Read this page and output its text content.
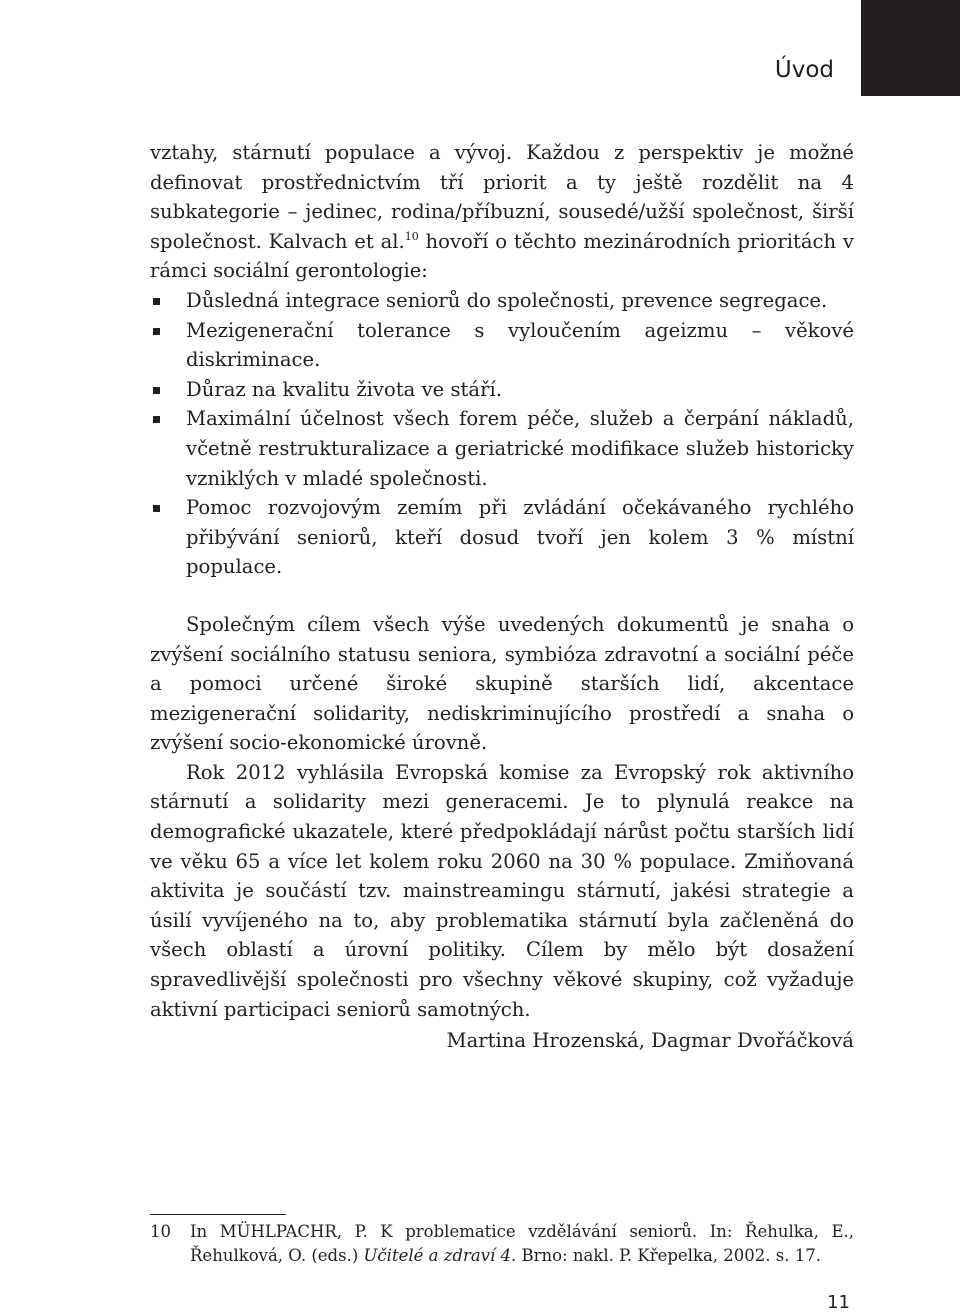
Úvod

vztahy, stárnutí populace a vývoj. Každou z perspektiv je možné definovat prostřednictvím tří priorit a ty ještě rozdělit na 4 subkategorie – jedinec, rodina/příbuzní, sousedé/užší společnost, širší společnost. Kalvach et al.$^{10}$ hovoří o těchto mezinárodních prioritách v rámci sociální gerontologie:

Důsledná integrace seniorů do společnosti, prevence segregace.
Mezigenerační tolerance s vyloučením ageizmu – věkové diskriminace.
Důraz na kvalitu života ve stáří.
Maximální účelnost všech forem péče, služeb a čerpání nákladů, včetně restrukturalizace a geriatrické modifikace služeb historicky vzniklých v mladé společnosti.
Pomoc rozvojovým zemím při zvládání očekávaného rychlého přibývání seniorů, kteří dosud tvoří jen kolem 3 % místní populace.

Společným cílem všech výše uvedených dokumentů je snaha o zvýšení sociálního statusu seniora, symbióza zdravotní a sociální péče a pomoci určené široké skupině starších lidí, akcentace mezigenerační solidarity, nediskriminujícího prostředí a snaha o zvýšení socio-ekonomické úrovně.

Rok 2012 vyhlásila Evropská komise za Evropský rok aktivního stárnutí a solidarity mezi generacemi. Je to plynulá reakce na demografické ukazatele, které předpokládají nárůst počtu starších lidí ve věku 65 a více let kolem roku 2060 na 30 % populace. Zmiňovaná aktivita je součástí tzv. mainstreamingu stárnutí, jakési strategie a úsilí vyvíjeného na to, aby problematika stárnutí byla začleněná do všech oblastí a úrovní politiky. Cílem by mělo být dosažení spravedlivější společnosti pro všechny věkové skupiny, což vyžaduje aktivní participaci seniorů samotných.

Martina Hrozenská, Dagmar Dvořáčková

10	In MÜHLPACHR, P. K problematice vzdělávání seniorů. In: Řehulka, E., Řehulková, O. (eds.) Učitelé a zdraví 4. Brno: nakl. P. Křepelka, 2002. s. 17.
11
